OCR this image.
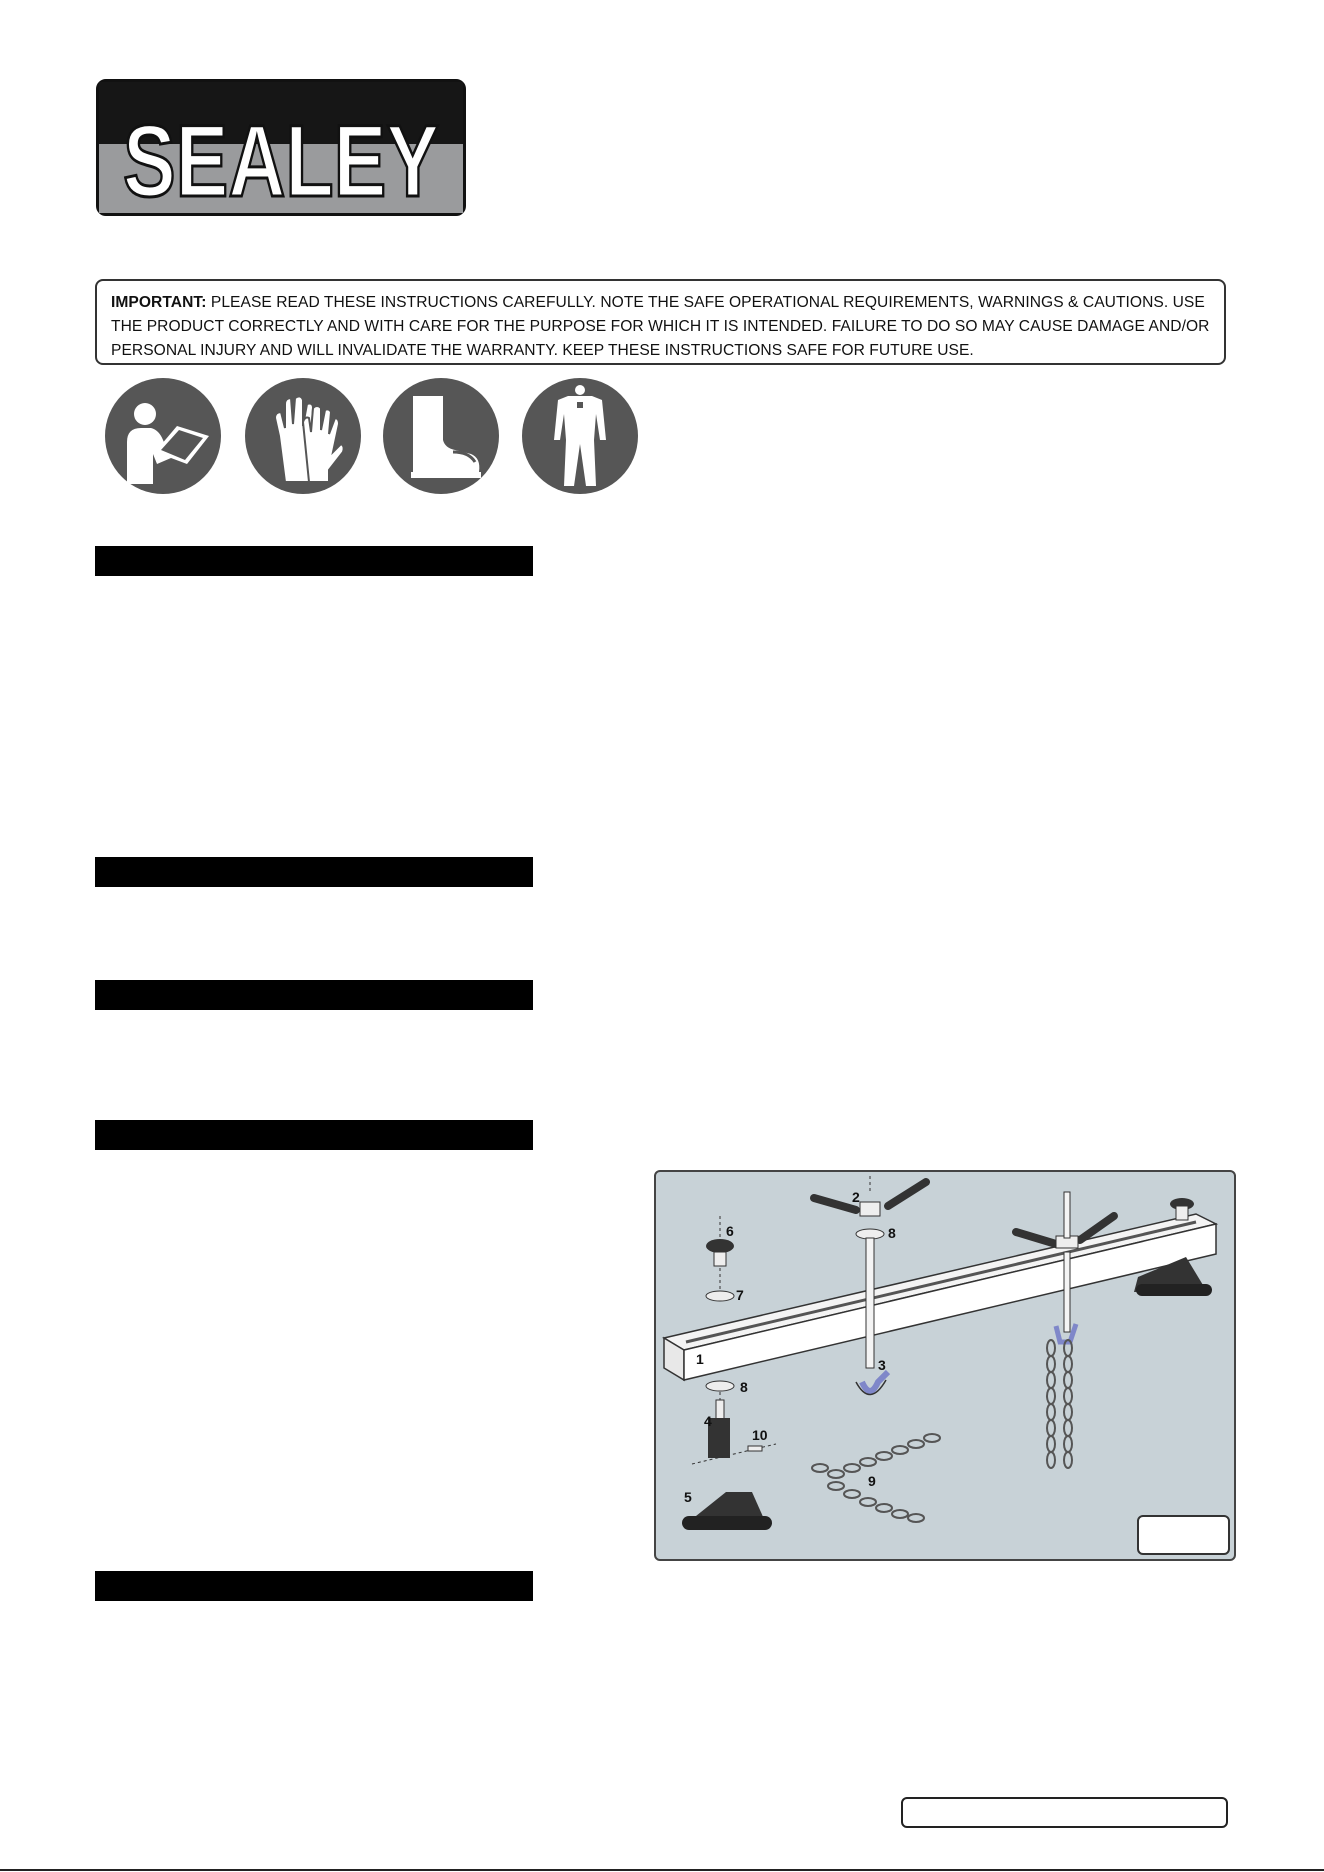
SEALEY
IMPORTANT: PLEASE READ THESE INSTRUCTIONS CAREFULLY. NOTE THE SAFE OPERATIONAL REQUIREMENTS, WARNINGS & CAUTIONS. USE THE PRODUCT CORRECTLY AND WITH CARE FOR THE PURPOSE FOR WHICH IT IS INTENDED. FAILURE TO DO SO MAY CAUSE DAMAGE AND/OR PERSONAL INJURY AND WILL INVALIDATE THE WARRANTY. KEEP THESE INSTRUCTIONS SAFE FOR FUTURE USE.
1
2
3
4
5
6
7
8
8
9
10
